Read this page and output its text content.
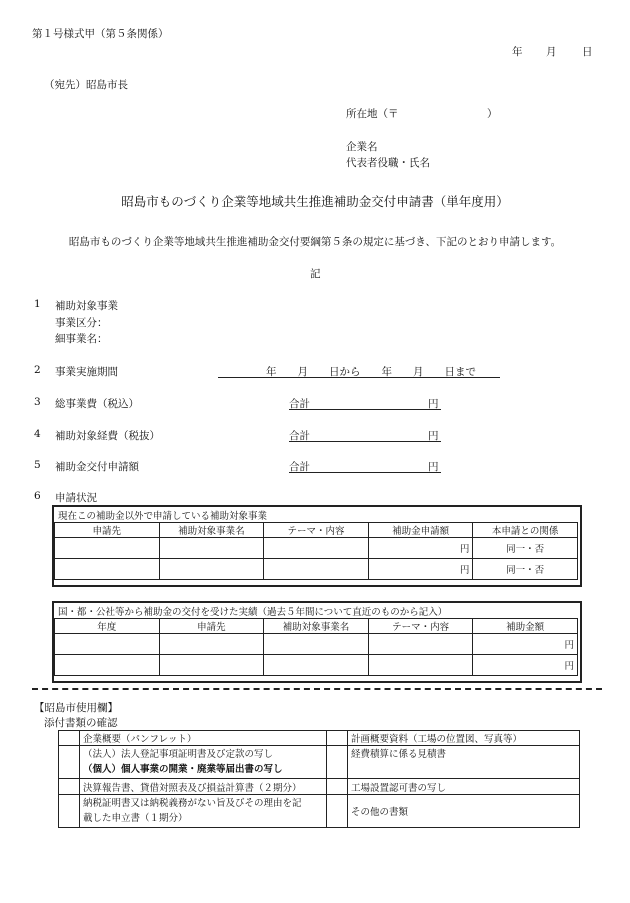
第１号様式甲（第５条関係）
年 月 日
（宛先）昭島市長
所在地（〒	）
企業名
代表者役職・氏名
昭島市ものづくり企業等地域共生推進補助金交付申請書（単年度用）
昭島市ものづくり企業等地域共生推進補助金交付要綱第５条の規定に基づき、下記のとおり申請します。
記
1 補助対象事業
事業区分：
細事業名：
2 事業実施期間	年　　月　　日から　　年　　月　　日まで
3 総事業費（税込）	合計	円
4 補助対象経費（税抜）	合計	円
5 補助金交付申請額	合計	円
6 申請状況
現在この補助金以外で申請している補助対象事業
申請先	補助対象事業名	テーマ・内容	補助金申請額	本申請との関係
			円	同一・否
			円	同一・否
国・都・公社等から補助金の交付を受けた実績（過去５年間について直近のものから記入）
年度	申請先	補助対象事業名	テーマ・内容	補助金額
				円
				円
【昭島市使用欄】
添付書類の確認
	企業概要（パンフレット）		計画概要資料（工場の位置図、写真等）

	（法人）法人登記事項証明書及び定款の写し
（個人）個人事業の開業・廃業等届出書の写し		経費積算に係る見積書
	決算報告書、貸借対照表及び損益計算書（２期分）		工場設置認可書の写し

	納税証明書又は納税義務がない旨及びその理由を記
載した申立書（１期分）		その他の書類
